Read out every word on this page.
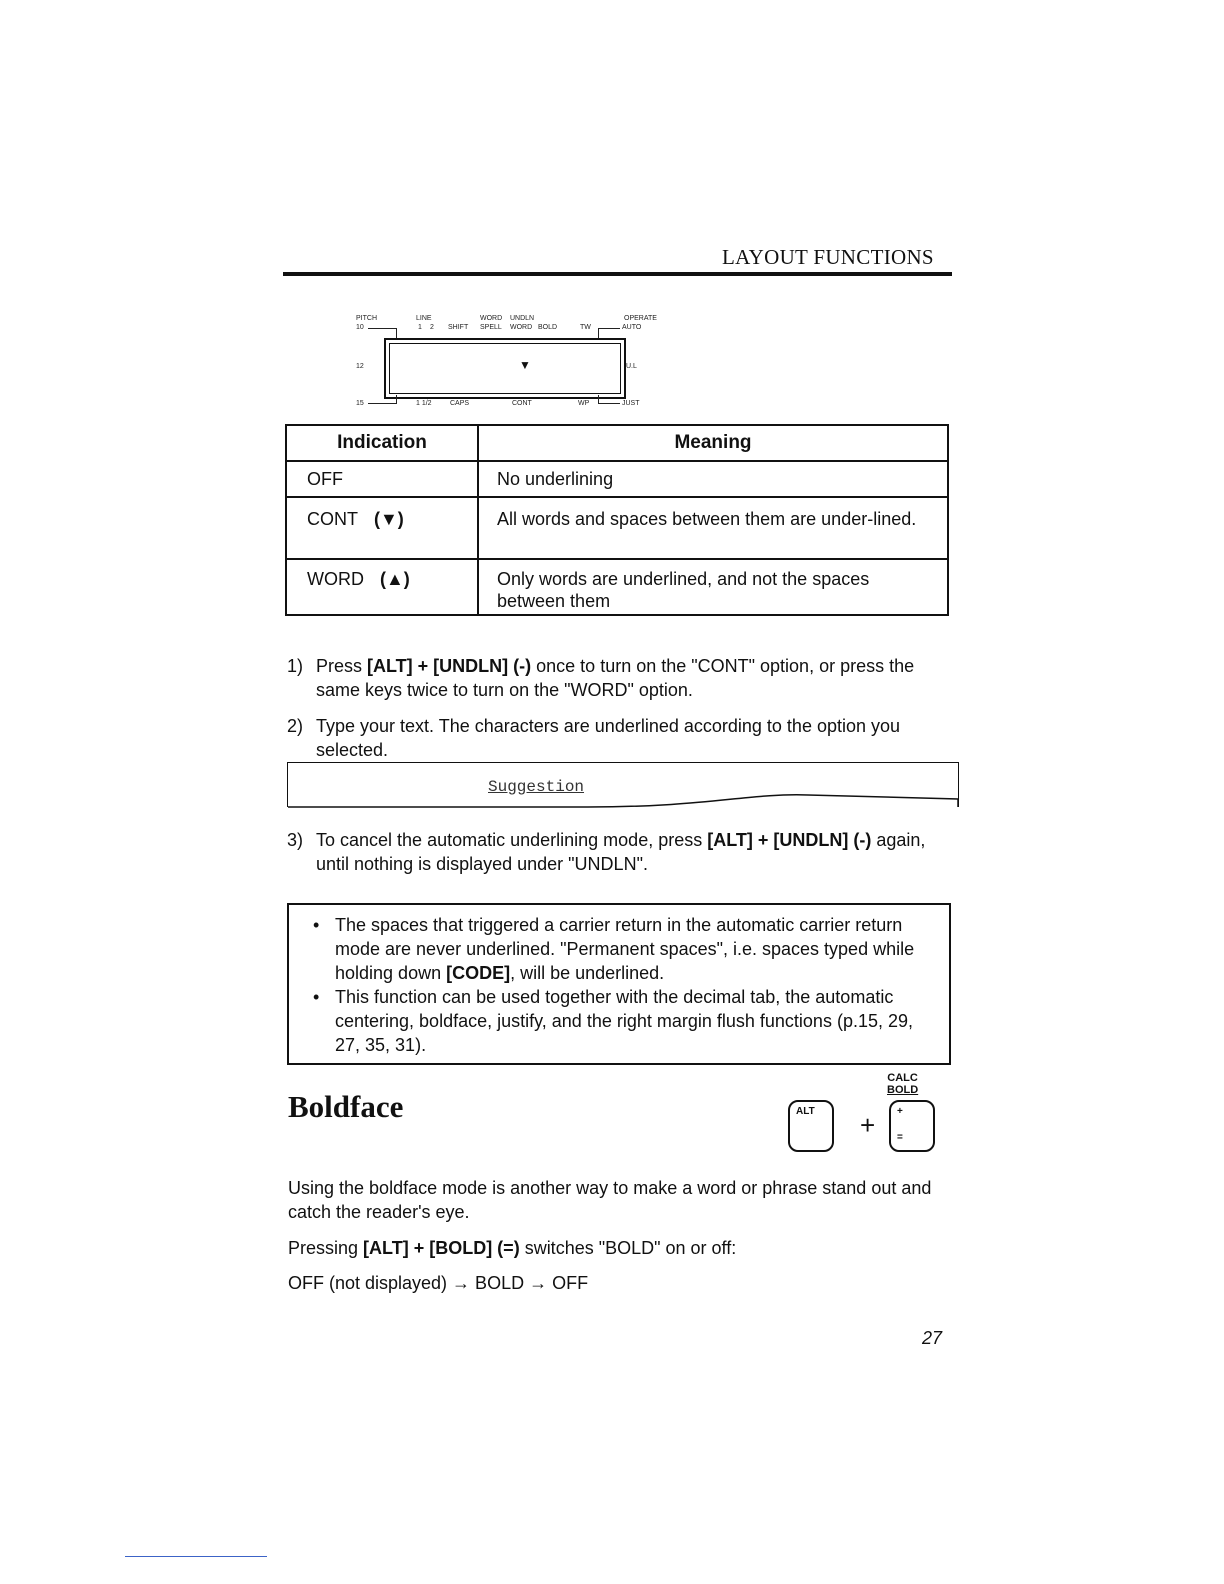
LAYOUT FUNCTIONS
PITCH	LINE	WORD UNDLN	OPERATE
10	1 2 SHIFT SPELL WORD BOLD	TW	AUTO
▼
12	U.L
15	1 1/2	CAPS	CONT	WP	JUST
Indication	Meaning
OFF	No underlining
CONT (▼)	All words and spaces between them are under-lined.
WORD (▲)	Only words are underlined, and not the spaces between them
1) Press [ALT] + [UNDLN] (-) once to turn on the "CONT" option, or press the same keys twice to turn on the "WORD" option.
2) Type your text. The characters are underlined according to the option you selected.
Suggestion
3) To cancel the automatic underlining mode, press [ALT] + [UNDLN] (-) again, until nothing is displayed under "UNDLN".
• The spaces that triggered a carrier return in the automatic carrier return mode are never underlined. "Permanent spaces", i.e. spaces typed while holding down [CODE], will be underlined.
• This function can be used together with the decimal tab, the automatic centering, boldface, justify, and the right margin flush functions (p.15, 29, 27, 35, 31).
Boldface	ALT +
CALC
BOLD
+
=
Using the boldface mode is another way to make a word or phrase stand out and catch the reader's eye.
Pressing [ALT] + [BOLD] (=) switches "BOLD" on or off:
OFF (not displayed) → BOLD → OFF
27
